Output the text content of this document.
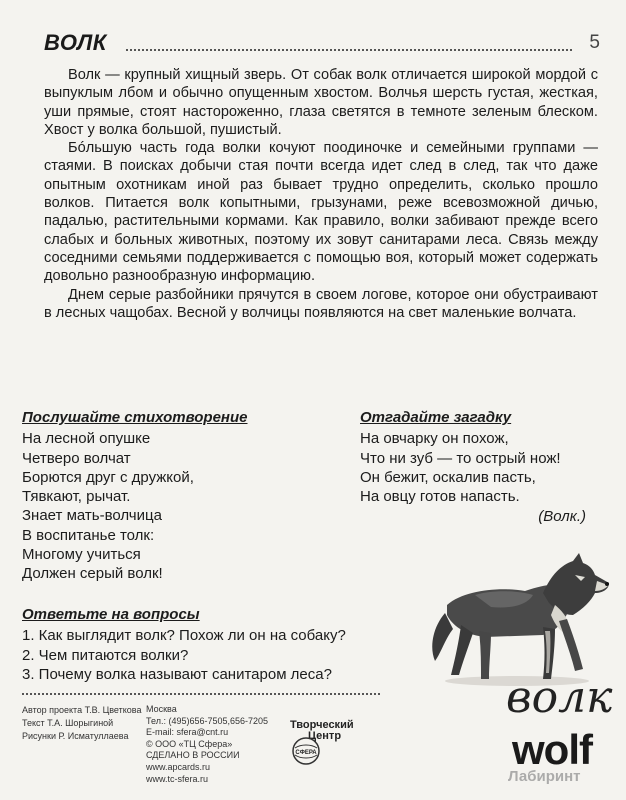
ВОЛК	5

Волк — крупный хищный зверь. От собак волк отличается широкой мордой с выпуклым лбом и обычно опущенным хвостом. Волчья шерсть густая, жесткая, уши прямые, стоят настороженно, глаза светятся в темноте зеленым блеском. Хвост у волка большой, пушистый.

Бóльшую часть года волки кочуют поодиночке и семейными группами — стаями. В поисках добычи стая почти всегда идет след в след, так что даже опытным охотникам иной раз бывает трудно определить, сколько прошло волков. Питается волк копытными, грызунами, реже всевозможной дичью, падалью, растительными кормами. Как правило, волки забивают прежде всего слабых и больных животных, поэтому их зовут санитарами леса. Связь между соседними семьями поддерживается с помощью воя, который может содержать довольно разнообразную информацию.

Днем серые разбойники прячутся в своем логове, которое они обустраивают в лесных чащобах. Весной у волчицы появляются на свет маленькие волчата.

Послушайте стихотворение
На лесной опушке
Четверо волчат
Борются друг с дружкой,
Тявкают, рычат.
Знает мать-волчица
В воспитанье толк:
Многому учиться
Должен серый волк!
Отгадайте загадку
На овчарку он похож,
Что ни зуб — то острый нож!
Он бежит, оскалив пасть,
На овцу готов напасть.
(Волк.)
Ответьте на вопросы
1. Как выглядит волк? Похож ли он на собаку?
2. Чем питаются волки?
3. Почему волка называют санитаром леса?
Автор проекта Т.В. Цветкова
Текст Т.А. Шорыгиной
Рисунки Р. Исматуллаева
Москва
Тел.: (495)656-7505,656-7205
E-mail: sfera@cnt.ru
© ООО «ТЦ Сфера»
СДЕЛАНО В РОССИИ
www.apcards.ru
www.tc-sfera.ru
Творческий
Центр
СФЕРА
волк
wolf
Лабиринт
